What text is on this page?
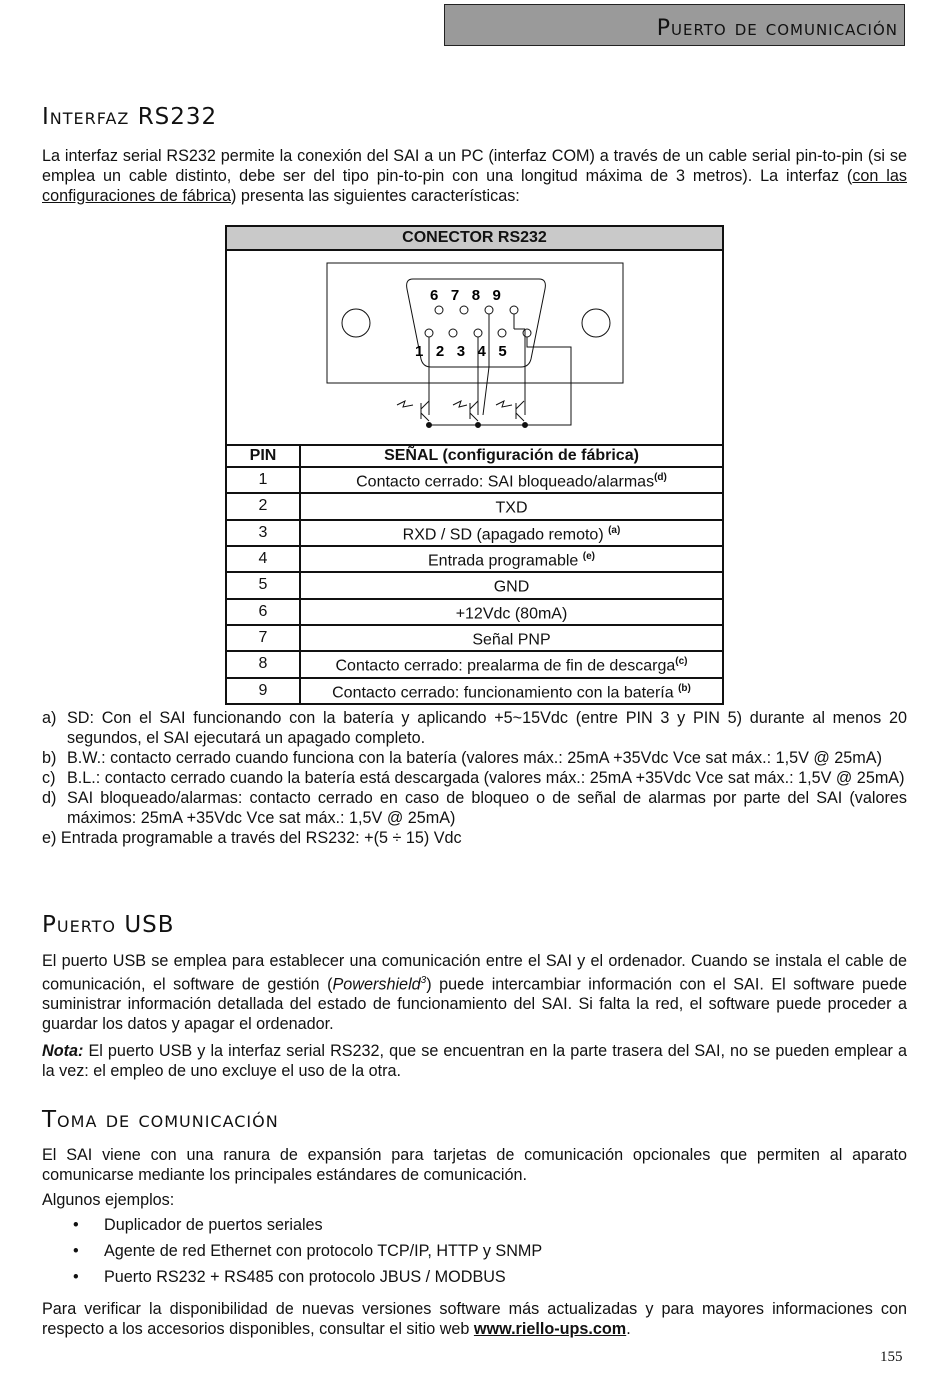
Puerto de comunicación
Interfaz RS232

La interfaz serial RS232 permite la conexión del SAI a un PC (interfaz COM) a través de un cable serial pin-to-pin (si se emplea un cable distinto, debe ser del tipo pin-to-pin con una longitud máxima de 3 metros). La interfaz (con las configuraciones de fábrica) presenta las siguientes características:

CONECTOR RS232
6   7   8   9
1   2   3   4   5
PIN	SEÑAL (configuración de fábrica)
1	Contacto cerrado: SAI bloqueado/alarmas$^{(d)}$
2	TXD
3	RXD / SD (apagado remoto) $^{(a)}$
4	Entrada programable $^{(e)}$
5	GND
6	+12Vdc (80mA)
7	Señal PNP
8	Contacto cerrado: prealarma de fin de descarga$^{(c)}$
9	Contacto cerrado: funcionamiento con la batería $^{(b)}$
a) SD: Con el SAI funcionando con la batería y aplicando +5~15Vdc (entre PIN 3 y PIN 5) durante al menos 20 segundos, el SAI ejecutará un apagado completo.
b) B.W.: contacto cerrado cuando funciona con la batería (valores máx.: 25mA +35Vdc Vce sat máx.: 1,5V @ 25mA)
c) B.L.: contacto cerrado cuando la batería está descargada (valores máx.: 25mA +35Vdc Vce sat máx.: 1,5V @ 25mA)
d) SAI bloqueado/alarmas: contacto cerrado en caso de bloqueo o de señal de alarmas por parte del SAI (valores máximos: 25mA +35Vdc Vce sat máx.: 1,5V @ 25mA)
e) Entrada programable a través del RS232: +(5 ÷ 15) Vdc
Puerto USB

El puerto USB se emplea para establecer una comunicación entre el SAI y el ordenador. Cuando se instala el cable de comunicación, el software de gestión (Powershield$^3$) puede intercambiar información con el SAI. El software puede suministrar información detallada del estado de funcionamiento del SAI. Si falta la red, el software puede proceder a guardar los datos y apagar el ordenador.

Nota: El puerto USB y la interfaz serial RS232, que se encuentran en la parte trasera del SAI, no se pueden emplear a la vez: el empleo de uno excluye el uso de la otra.

Toma de comunicación

El SAI viene con una ranura de expansión para tarjetas de comunicación opcionales que permiten al aparato comunicarse mediante los principales estándares de comunicación.

Algunos ejemplos:

• Duplicador de puertos seriales
• Agente de red Ethernet con protocolo TCP/IP, HTTP y SNMP
• Puerto RS232 + RS485 con protocolo JBUS / MODBUS

Para verificar la disponibilidad de nuevas versiones software más actualizadas y para mayores informaciones con respecto a los accesorios disponibles, consultar el sitio web www.riello-ups.com.

155
